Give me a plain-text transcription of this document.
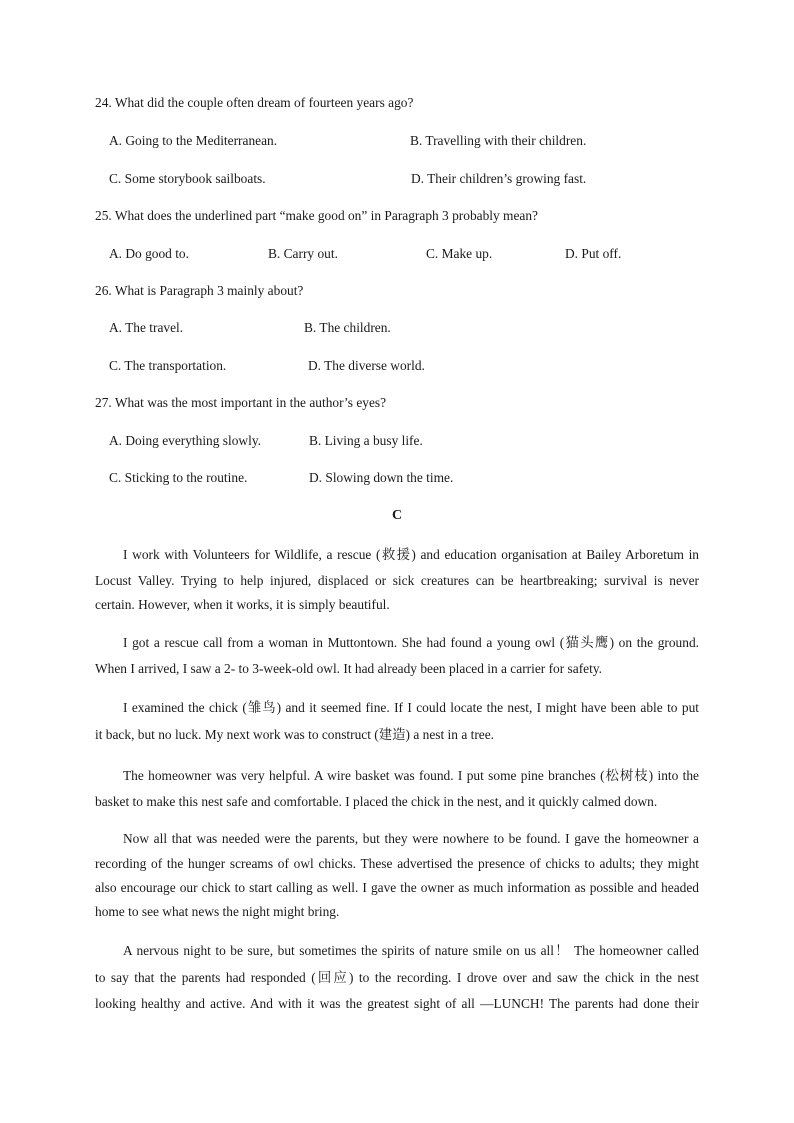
24. What did the couple often dream of fourteen years ago?
A. Going to the Mediterranean.	B. Travelling with their children.
C. Some storybook sailboats.	D. Their children’s growing fast.
25. What does the underlined part “make good on” in Paragraph 3 probably mean?
A. Do good to.	B. Carry out.	C. Make up.	D. Put off.
26. What is Paragraph 3 mainly about?
A. The travel.	B. The children.
C. The transportation.	D. The diverse world.
27. What was the most important in the author’s eyes?
A. Doing everything slowly.	B. Living a busy life.
C. Sticking to the routine.	D. Slowing down the time.
C
I work with Volunteers for Wildlife, a rescue (救援) and education organisation at Bailey Arboretum in
Locust Valley. Trying to help injured, displaced or sick creatures can be heartbreaking; survival is never
certain. However, when it works, it is simply beautiful.
I got a rescue call from a woman in Muttontown. She had found a young owl (猫头鹰) on the ground.
When I arrived, I saw a 2- to 3-week-old owl. It had already been placed in a carrier for safety.
I examined the chick (雏鸟) and it seemed fine. If I could locate the nest, I might have been able to put
it back, but no luck. My next work was to construct (建造) a nest in a tree.
The homeowner was very helpful. A wire basket was found. I put some pine branches (松树枝) into the
basket to make this nest safe and comfortable. I placed the chick in the nest, and it quickly calmed down.
Now all that was needed were the parents, but they were nowhere to be found. I gave the homeowner a
recording of the hunger screams of owl chicks. These advertised the presence of chicks to adults; they might
also encourage our chick to start calling as well. I gave the owner as much information as possible and headed
home to see what news the night might bring.
A nervous night to be sure, but sometimes the spirits of nature smile on us all！ The homeowner called
to say that the parents had responded (回应) to the recording. I drove over and saw the chick in the nest
looking healthy and active. And with it was the greatest sight of all —LUNCH! The parents had done their
